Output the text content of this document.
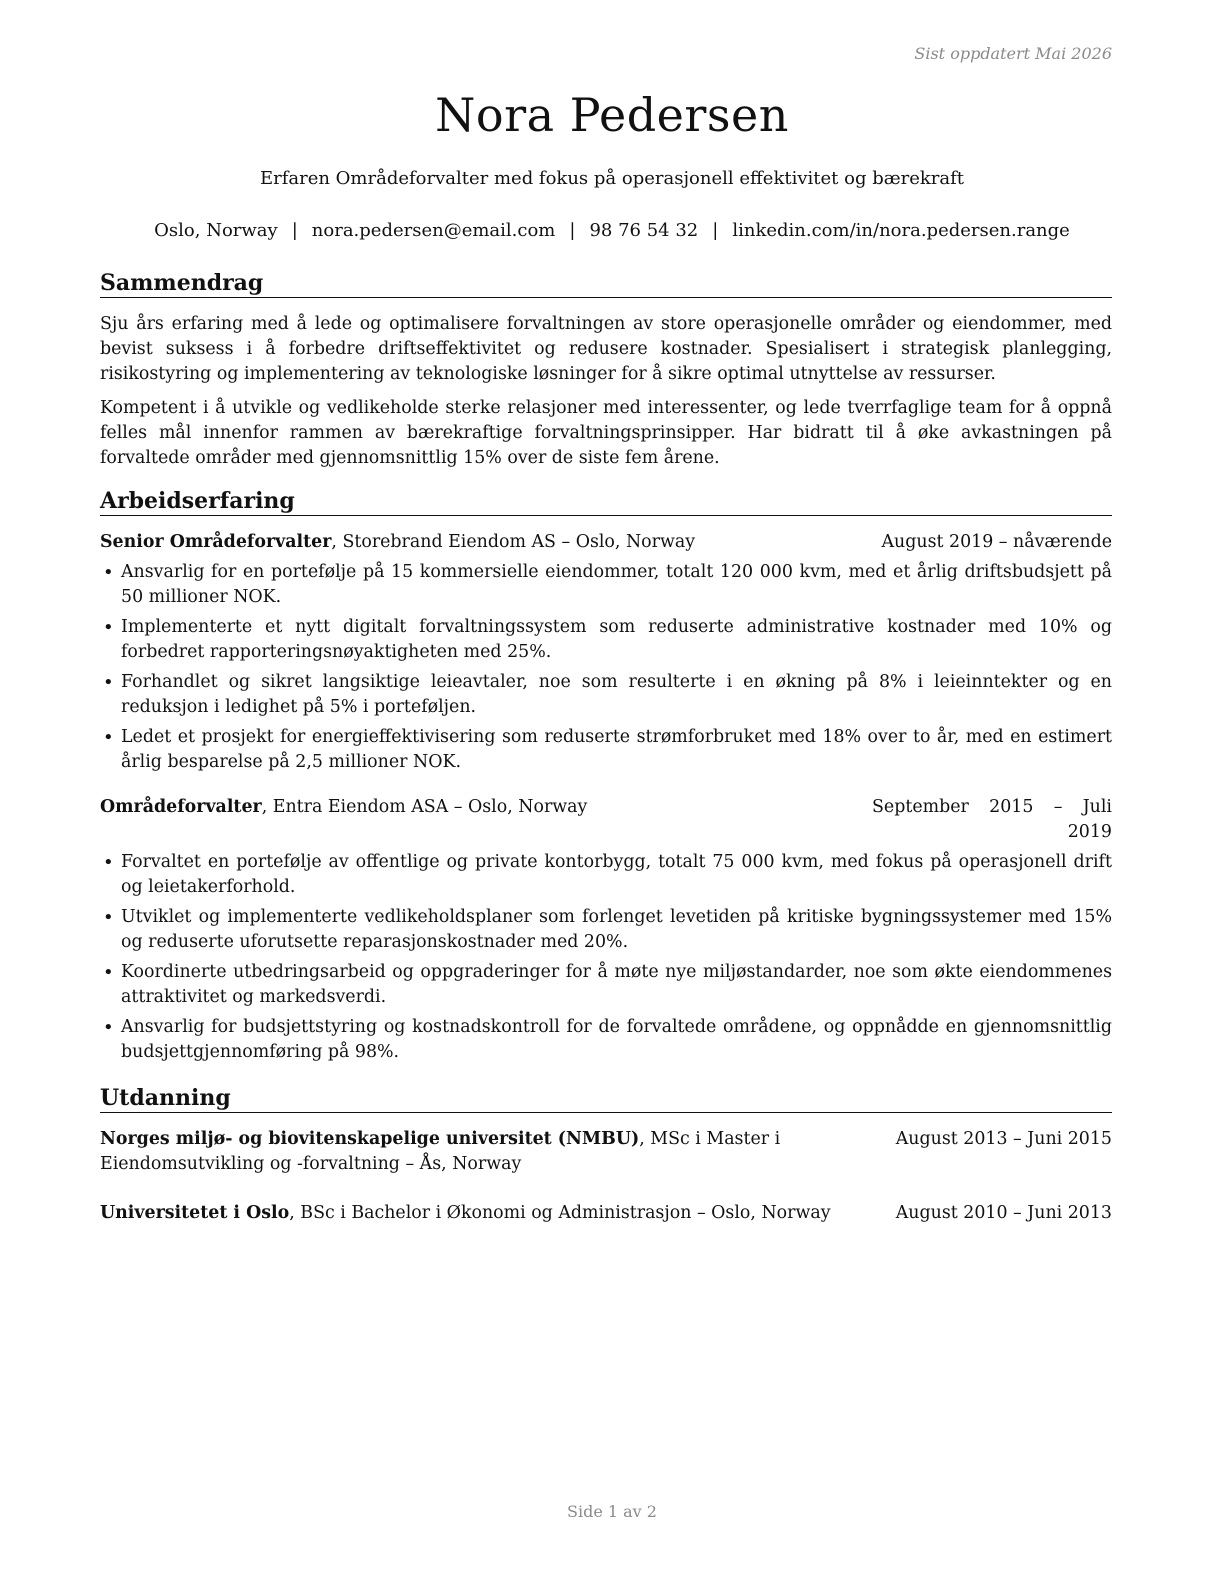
Sist oppdatert Mai 2026
Nora Pedersen
Erfaren Områdeforvalter med fokus på operasjonell effektivitet og bærekraft
Oslo, Norway | nora.pedersen@email.com | 98 76 54 32 | linkedin.com/in/nora.pedersen.range
Sammendrag

Sju års erfaring med å lede og optimalisere forvaltningen av store operasjonelle områder og eiendommer, med bevist suksess i å forbedre driftseffektivitet og redusere kostnader. Spesialisert i strategisk planlegging, risikostyring og implementering av teknologiske løsninger for å sikre optimal utnyttelse av ressurser.

Kompetent i å utvikle og vedlikeholde sterke relasjoner med interessenter, og lede tverrfaglige team for å oppnå felles mål innenfor rammen av bærekraftige forvaltningsprinsipper. Har bidratt til å øke avkastningen på forvaltede områder med gjennomsnittlig 15% over de siste fem årene.

Arbeidserfaring
Senior Områdeforvalter, Storebrand Eiendom AS – Oslo, Norway	August 2019 – nåværende
• Ansvarlig for en portefølje på 15 kommersielle eiendommer, totalt 120 000 kvm, med et årlig driftsbudsjett på 50 millioner NOK.
• Implementerte et nytt digitalt forvaltningssystem som reduserte administrative kostnader med 10% og forbedret rapporteringsnøyaktigheten med 25%.
• Forhandlet og sikret langsiktige leieavtaler, noe som resulterte i en økning på 8% i leieinntekter og en reduksjon i ledighet på 5% i porteføljen.
• Ledet et prosjekt for energieffektivisering som reduserte strømforbruket med 18% over to år, med en estimert årlig besparelse på 2,5 millioner NOK.
Områdeforvalter, Entra Eiendom ASA – Oslo, Norway	September 2015 – Juli 2019
• Forvaltet en portefølje av offentlige og private kontorbygg, totalt 75 000 kvm, med fokus på operasjonell drift og leietakerforhold.
• Utviklet og implementerte vedlikeholdsplaner som forlenget levetiden på kritiske bygningssystemer med 15% og reduserte uforutsette reparasjonskostnader med 20%.
• Koordinerte utbedringsarbeid og oppgraderinger for å møte nye miljøstandarder, noe som økte eiendommenes attraktivitet og markedsverdi.
• Ansvarlig for budsjettstyring og kostnadskontroll for de forvaltede områdene, og oppnådde en gjennomsnittlig budsjettgjennomføring på 98%.
Utdanning
Norges miljø- og biovitenskapelige universitet (NMBU), MSc i Master i Eiendomsutvikling og -forvaltning – Ås, Norway
August 2013 – Juni 2015
Universitetet i Oslo, BSc i Bachelor i Økonomi og Administrasjon – Oslo, Norway	August 2010 – Juni 2013
Side 1 av 2
